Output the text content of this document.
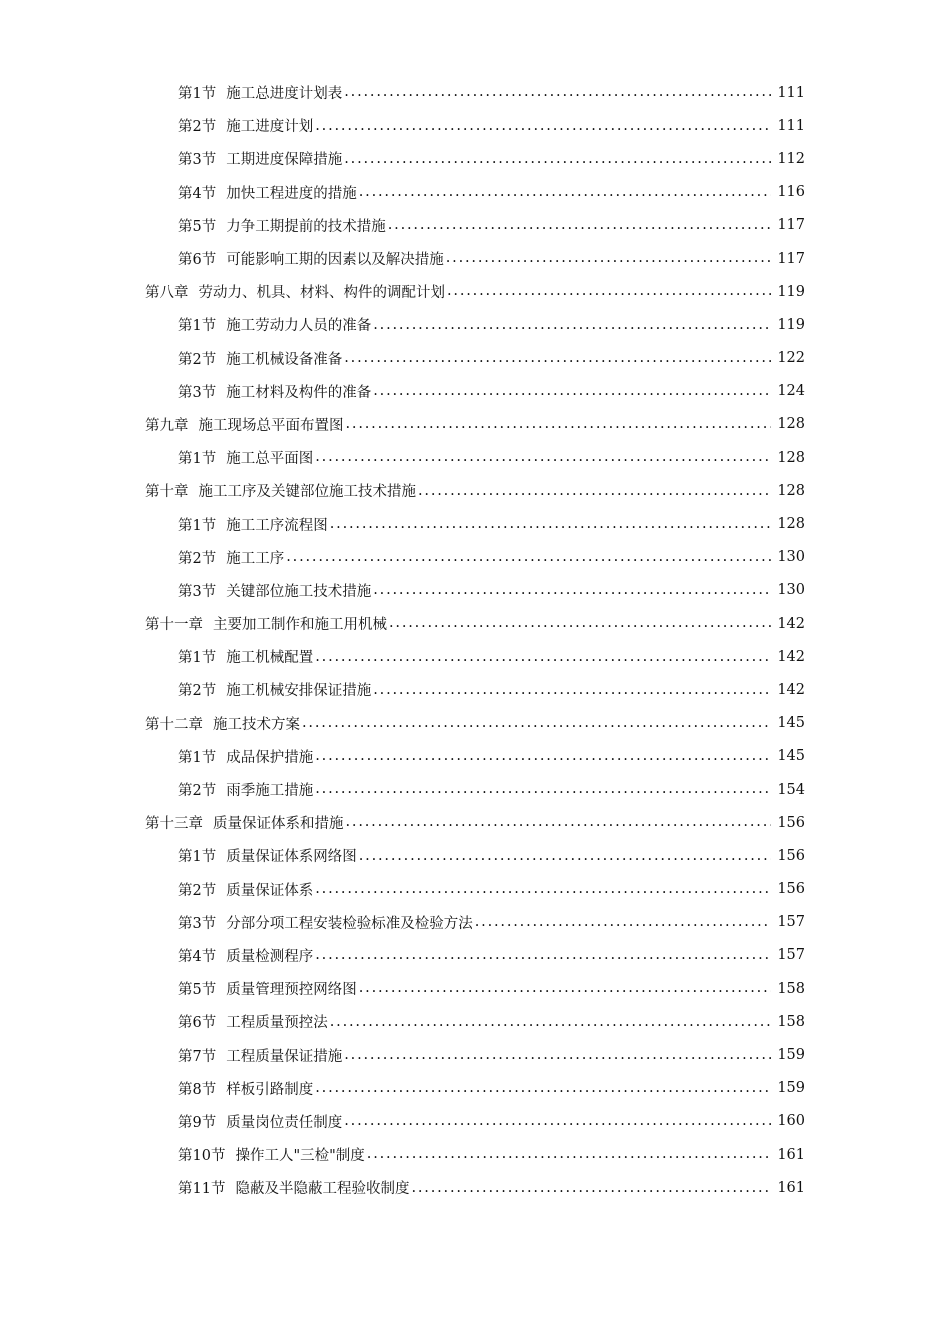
第1节 施工总进度计划表 . . .	111
第2节 施工进度计划 . . .	111
第3节 工期进度保障措施 . . .	112
第4节 加快工程进度的措施 . . .	116
第5节 力争工期提前的技术措施 . . .	117
第6节 可能影响工期的因素以及解决措施 . . .	117
第八章 劳动力、机具、材料、构件的调配计划 . . .	119
第1节 施工劳动力人员的准备 . . .	119
第2节 施工机械设备准备 . . .	122
第3节 施工材料及构件的准备 . . .	124
第九章 施工现场总平面布置图 . . .	128
第1节 施工总平面图 . . .	128
第十章 施工工序及关键部位施工技术措施 . . .	128
第1节 施工工序流程图 . . .	128
第2节 施工工序 . . .	130
第3节 关键部位施工技术措施 . . .	130
第十一章 主要加工制作和施工用机械 . . .	142
第1节 施工机械配置 . . .	142
第2节 施工机械安排保证措施 . . .	142
第十二章 施工技术方案 . . .	145
第1节 成品保护措施 . . .	145
第2节 雨季施工措施 . . .	154
第十三章 质量保证体系和措施 . . .	156
第1节 质量保证体系网络图 . . .	156
第2节 质量保证体系 . . .	156
第3节 分部分项工程安装检验标准及检验方法 . . .	157
第4节 质量检测程序 . . .	157
第5节 质量管理预控网络图 . . .	158
第6节 工程质量预控法 . . .	158
第7节 工程质量保证措施 . . .	159
第8节 样板引路制度 . . .	159
第9节 质量岗位责任制度 . . .	160
第10节 操作工人"三检"制度 . . .	161
第11节 隐蔽及半隐蔽工程验收制度 . . .	161
